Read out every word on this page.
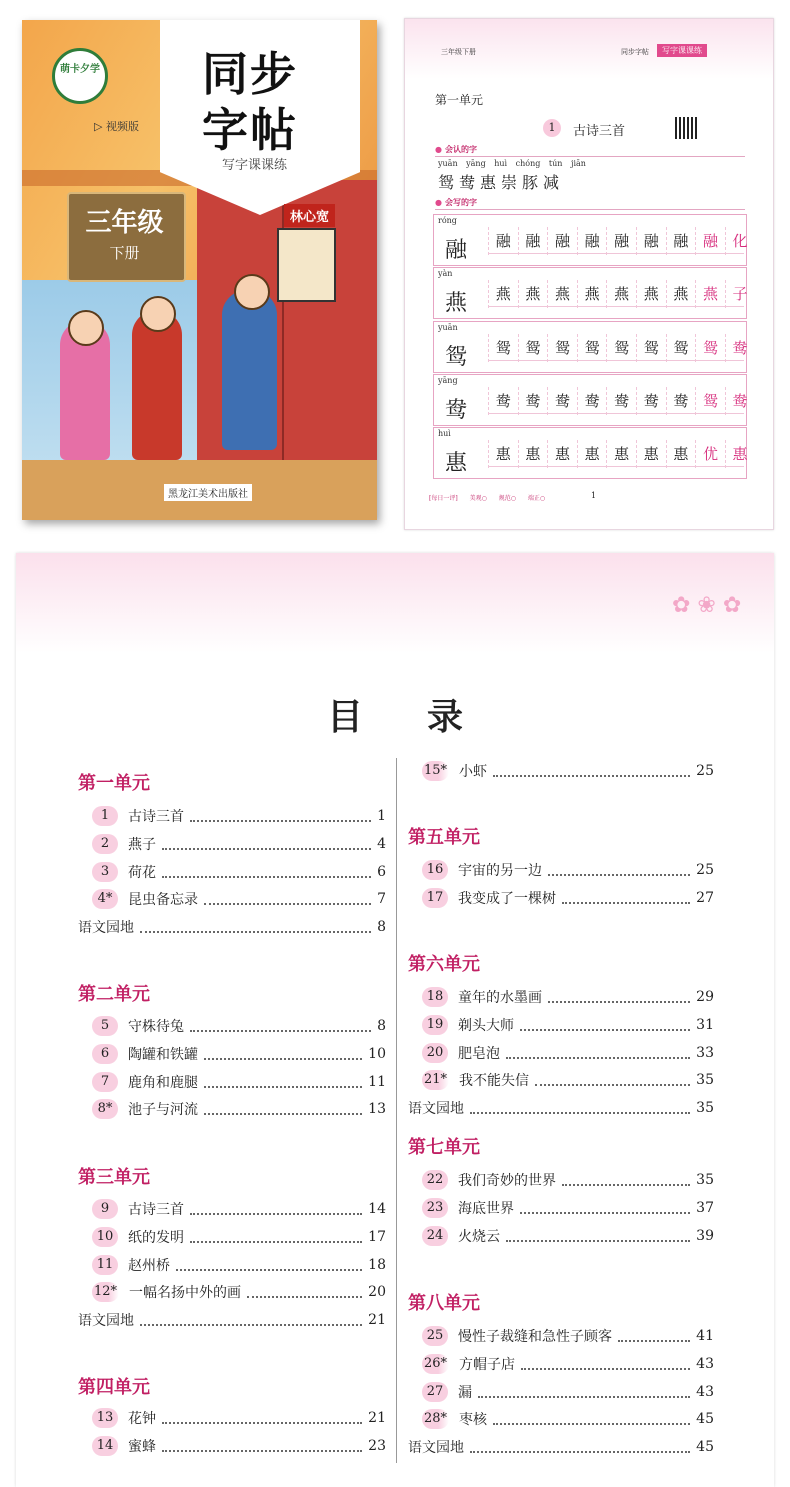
萌卡夕学
▷ 视频版
同步
字帖
写字课课练
三年级
下册
林心宽
黑龙江美术出版社
三年级下册	同步字帖	写字课课练
第一单元
1	古诗三首
● 会认的字
yuān yāng huì chóng tún jiān
鸳鸯惠崇豚减
● 会写的字
róng
融	融 融 融 融 融 融 融 融 化
yàn
燕	燕 燕 燕 燕 燕 燕 燕 燕 子
yuān
鸳	鸳 鸳 鸳 鸳 鸳 鸳 鸳 鸳 鸯
yāng
鸯	鸯 鸯 鸯 鸯 鸯 鸯 鸯 鸳 鸯
huì
惠	惠 惠 惠 惠 惠 惠 惠 优 惠
[每日一评] 美观○ 规范○ 端正○	1
✿ ❀ ✿
目录
第一单元
1	古诗三首	1
2	燕子	4
3	荷花	6
4*	昆虫备忘录	7
语文园地	8
第二单元
5	守株待兔	8
6	陶罐和铁罐	10
7	鹿角和鹿腿	11
8*	池子与河流	13
第三单元
9	古诗三首	14
10	纸的发明	17
11	赵州桥	18
12* 一幅名扬中外的画	20
语文园地	21
第四单元
13	花钟	21
14	蜜蜂	23
15* 小虾	25
第五单元
16	宇宙的另一边	25
17	我变成了一棵树	27
第六单元
18	童年的水墨画	29
19	剃头大师	31
20	肥皂泡	33
21* 我不能失信	35
语文园地	35
第七单元
22	我们奇妙的世界	35
23	海底世界	37
24	火烧云	39
第八单元
25	慢性子裁缝和急性子顾客	41
26* 方帽子店	43
27	漏	43
28* 枣核	45
语文园地	45
